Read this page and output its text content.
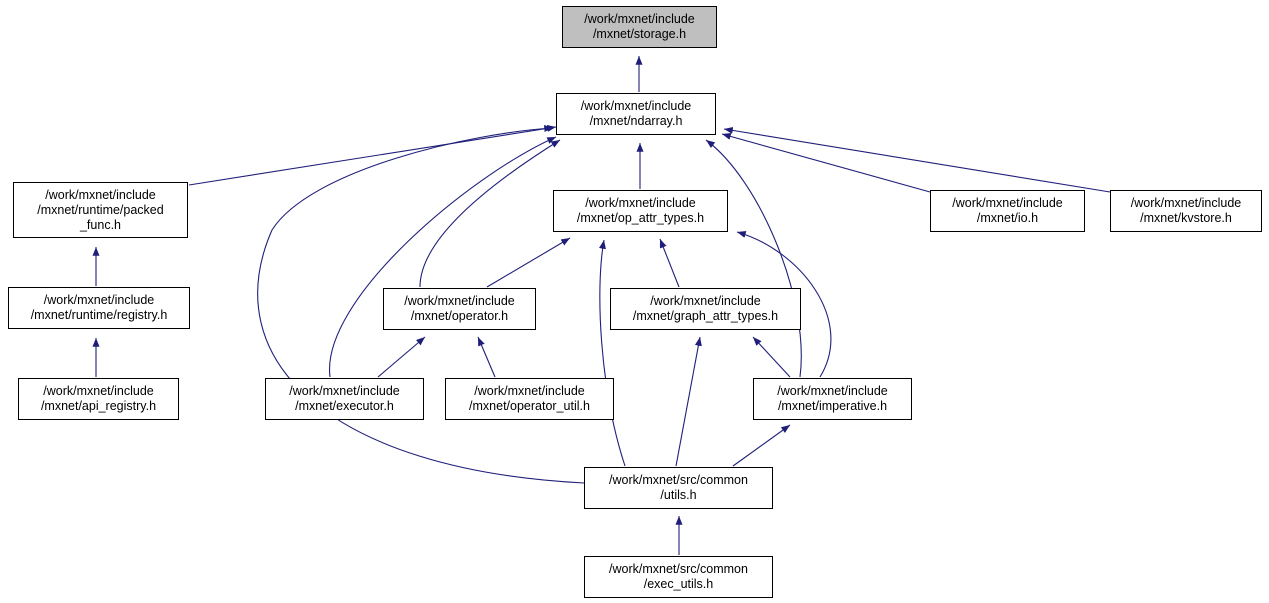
/work/mxnet/include
/mxnet/storage.h
/work/mxnet/include
/mxnet/ndarray.h
/work/mxnet/include
/mxnet/runtime/packed
_func.h
/work/mxnet/include
/mxnet/op_attr_types.h
/work/mxnet/include
/mxnet/io.h
/work/mxnet/include
/mxnet/kvstore.h
/work/mxnet/include
/mxnet/runtime/registry.h
/work/mxnet/include
/mxnet/operator.h
/work/mxnet/include
/mxnet/graph_attr_types.h
/work/mxnet/include
/mxnet/api_registry.h
/work/mxnet/include
/mxnet/executor.h
/work/mxnet/include
/mxnet/operator_util.h
/work/mxnet/include
/mxnet/imperative.h
/work/mxnet/src/common
/utils.h
/work/mxnet/src/common
/exec_utils.h
